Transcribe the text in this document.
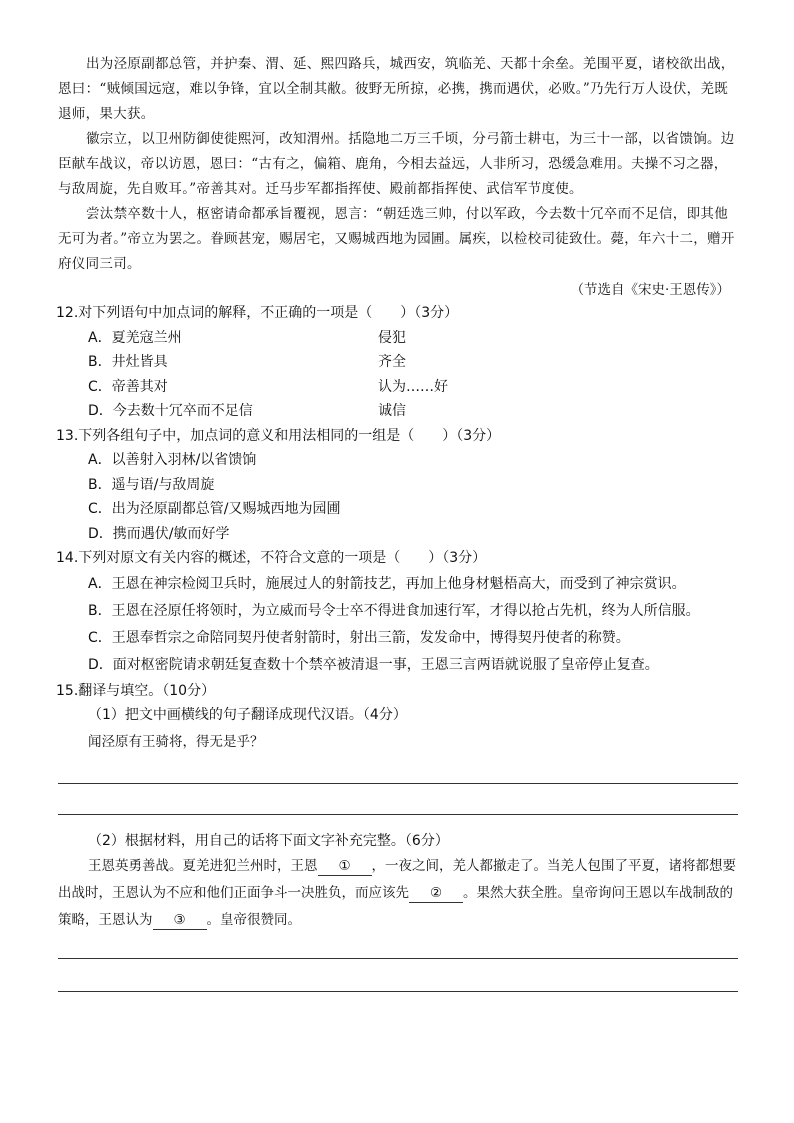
出为泾原副都总管，并护秦、渭、延、熙四路兵，城西安，筑临羌、天都十余垒。羌围平夏，诸校欲出战，恩曰：“贼倾国远寇，难以争锋，宜以全制其敝。彼野无所掠，必携，携而遇伏，必败。”乃先行万人设伏，羌既退师，果大获。

徽宗立，以卫州防御使徙熙河，改知渭州。括隐地二万三千顷，分弓箭士耕屯，为三十一部，以省馈饷。边臣献车战议，帝以访恩，恩曰：“古有之，偏箱、鹿角，今相去益远，人非所习，恐缓急难用。夫操不习之器，与敌周旋，先自败耳。”帝善其对。迁马步军都指挥使、殿前都指挥使、武信军节度使。

尝汰禁卒数十人，枢密请命都承旨覆视，恩言：“朝廷选三帅，付以军政，今去数十冗卒而不足信，即其他无可为者。”帝立为罢之。眷顾甚宠，赐居宅，又赐城西地为园圃。属疾，以检校司徒致仕。薨，年六十二，赠开府仪同三司。

（节选自《宋史·王恩传》）

12.对下列语句中加点词的解释，不正确的一项是（　　）（3分）

A．夏羌寇兰州	侵犯
B．井灶皆具	齐全
C．帝善其对	认为……好
D．今去数十冗卒而不足信	诚信

13.下列各组句子中，加点词的意义和用法相同的一组是（　　）（3分）

A．以善射入羽林/以省馈饷

B．遥与语/与敌周旋

C．出为泾原副都总管/又赐城西地为园圃

D．携而遇伏/敏而好学

14.下列对原文有关内容的概述，不符合文意的一项是（　　）（3分）

A．王恩在神宗检阅卫兵时，施展过人的射箭技艺，再加上他身材魁梧高大，而受到了神宗赏识。

B．王恩在泾原任将领时，为立威而号令士卒不得进食加速行军，才得以抢占先机，终为人所信服。

C．王恩奉哲宗之命陪同契丹使者射箭时，射出三箭，发发命中，博得契丹使者的称赞。

D．面对枢密院请求朝廷复查数十个禁卒被清退一事，王恩三言两语就说服了皇帝停止复查。

15.翻译与填空。（10分）

（1）把文中画横线的句子翻译成现代汉语。（4分）

闻泾原有王骑将，得无是乎？

（2）根据材料，用自己的话将下面文字补充完整。（6分）

王恩英勇善战。夏羌进犯兰州时，王恩 ① ，一夜之间，羌人都撤走了。当羌人包围了平夏，诸将都想要出战时，王恩认为不应和他们正面争斗一决胜负，而应该先 ② 。果然大获全胜。皇帝询问王恩以车战制敌的策略，王恩认为 ③ 。皇帝很赞同。
